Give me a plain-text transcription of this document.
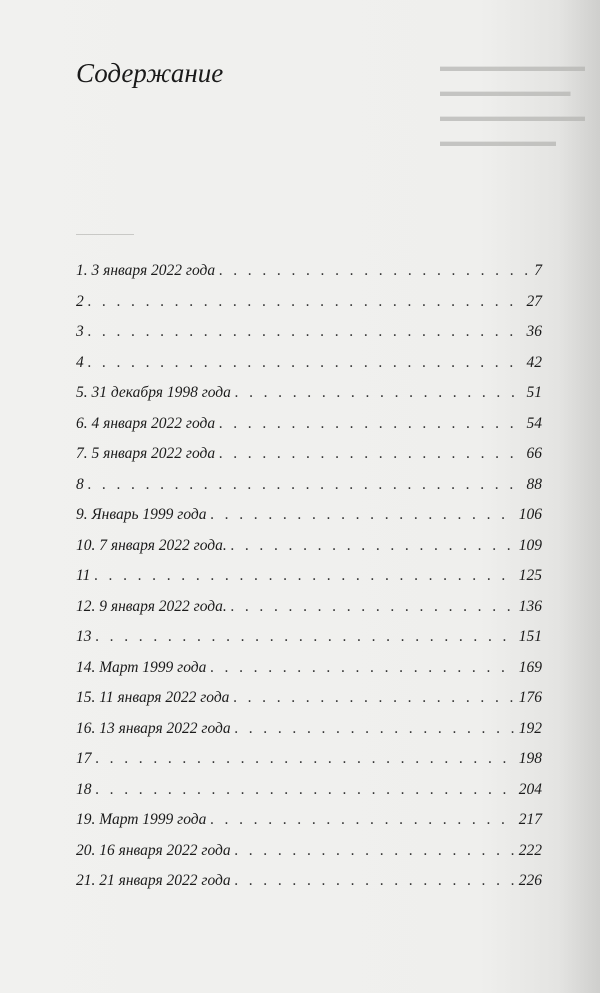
▬▬▬▬▬▬▬▬▬▬
▬▬▬▬▬▬▬▬▬
▬▬▬▬▬▬▬▬▬▬
▬▬▬▬▬▬▬▬
Содержание
1. 3 января 2022 года . . .	7
2 . . .	27
3 . . .	36
4 . . .	42
5. 31 декабря 1998 года . . .	51
6. 4 января 2022 года . . .	54
7. 5 января 2022 года . . .	66
8 . . .	88
9. Январь 1999 года . . .	106
10. 7 января 2022 года. . . .	109
11 . . .	125
12. 9 января 2022 года. . . .	136
13 . . .	151
14. Март 1999 года . . .	169
15. 11 января 2022 года . . .	176
16. 13 января 2022 года . . .	192
17 . . .	198
18 . . .	204
19. Март 1999 года . . .	217
20. 16 января 2022 года . . .	222
21. 21 января 2022 года . . .	226
